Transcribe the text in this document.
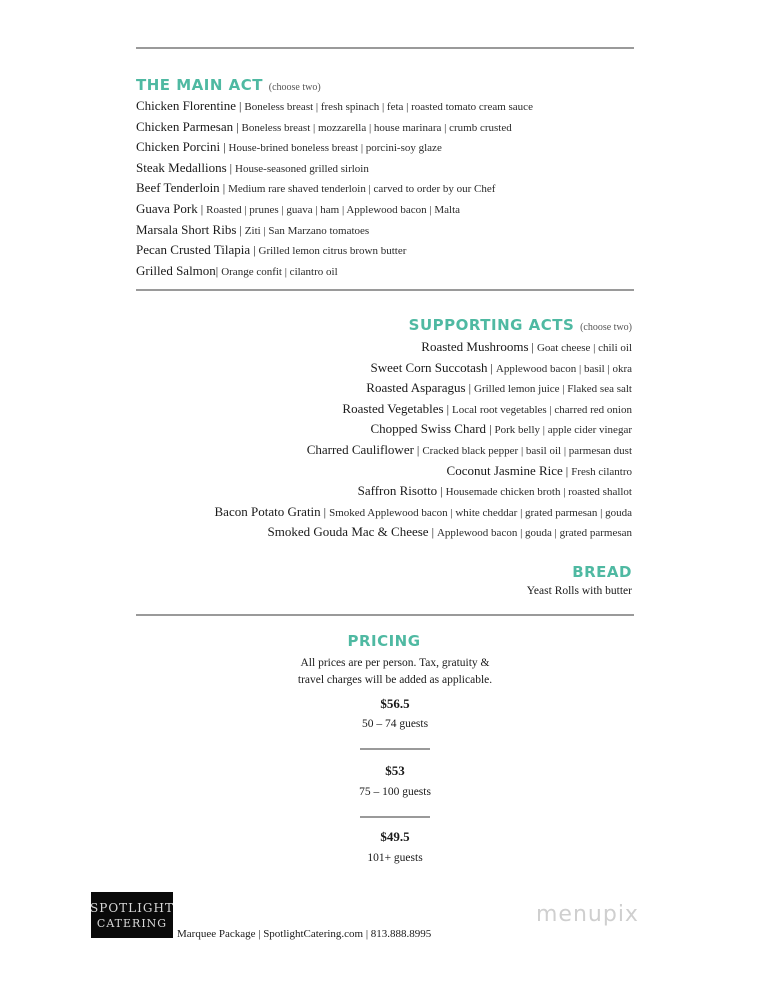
THE MAIN ACT (choose two)
Chicken Florentine | Boneless breast | fresh spinach | feta | roasted tomato cream sauce
Chicken Parmesan | Boneless breast | mozzarella | house marinara | crumb crusted
Chicken Porcini | House-brined boneless breast | porcini-soy glaze
Steak Medallions | House-seasoned grilled sirloin
Beef Tenderloin | Medium rare shaved tenderloin | carved to order by our Chef
Guava Pork | Roasted | prunes | guava | ham | Applewood bacon | Malta
Marsala Short Ribs | Ziti | San Marzano tomatoes
Pecan Crusted Tilapia | Grilled lemon citrus brown butter
Grilled Salmon| Orange confit | cilantro oil
SUPPORTING ACTS (choose two)
Roasted Mushrooms | Goat cheese | chili oil
Sweet Corn Succotash | Applewood bacon | basil | okra
Roasted Asparagus | Grilled lemon juice | Flaked sea salt
Roasted Vegetables | Local root vegetables | charred red onion
Chopped Swiss Chard | Pork belly | apple cider vinegar
Charred Cauliflower | Cracked black pepper | basil oil | parmesan dust
Coconut Jasmine Rice | Fresh cilantro
Saffron Risotto | Housemade chicken broth | roasted shallot
Bacon Potato Gratin | Smoked Applewood bacon | white cheddar | grated parmesan | gouda
Smoked Gouda Mac & Cheese | Applewood bacon | gouda | grated parmesan
BREAD
Yeast Rolls with butter
PRICING
All prices are per person. Tax, gratuity &
travel charges will be added as applicable.
$56.5
50 – 74 guests
$53
75 – 100 guests
$49.5
101+ guests
SPOTLIGHT
CATERING
Marquee Package | SpotlightCatering.com | 813.888.8995
menupix
